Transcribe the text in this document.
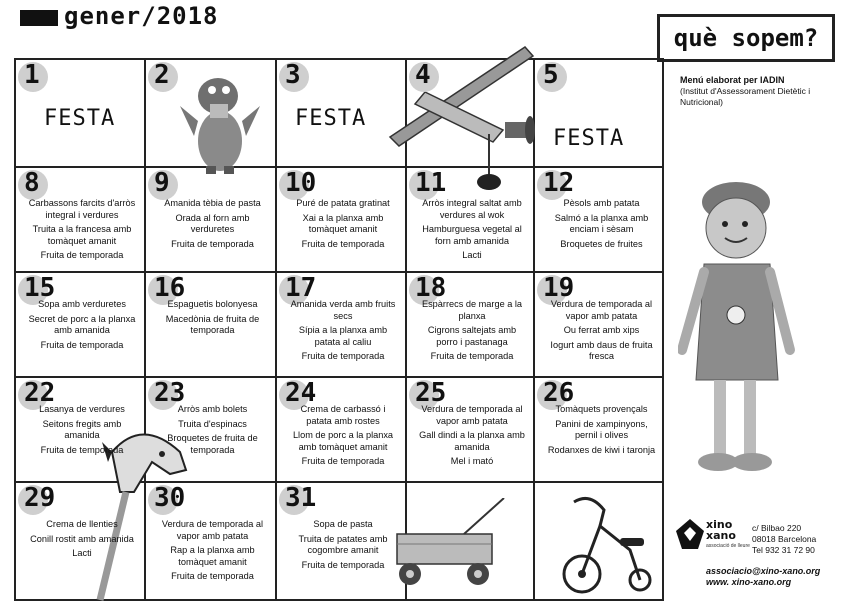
gener/2018
què sopem?
Menú elaborat per IADIN
(Institut d'Assessorament Dietètic i Nutricional)
xino
xano
associació de lleure
c/ Bilbao 220
08018 Barcelona
Tel 932 31 72 90
associacio@xino-xano.org
www. xino-xano.org
1
FESTA
2	3
FESTA
4	5
FESTA
8
Carbassons farcits d'arròs integral i verdures
Truita a la francesa amb tomàquet amanit
Fruita de temporada
9
Amanida tèbia de pasta
Orada al forn amb verduretes
Fruita de temporada
10
Puré de patata gratinat
Xai a la planxa amb tomàquet amanit
Fruita de temporada
11
Arròs integral saltat amb verdures al wok
Hamburguesa vegetal al forn amb amanida
Lacti
12
Pèsols amb patata
Salmó a la planxa amb enciam i sèsam
Broquetes de fruites
15
Sopa amb verduretes
Secret de porc a la planxa amb amanida
Fruita de temporada
16
Espaguetis bolonyesa
Macedònia de fruita de temporada
17
Amanida verda amb fruits secs
Sípia a la planxa amb patata al caliu
Fruita de temporada
18
Espàrrecs de marge a la planxa
Cigrons saltejats amb porro i pastanaga
Fruita de temporada
19
Verdura de temporada al vapor amb patata
Ou ferrat amb xips
Iogurt amb daus de fruita fresca
22
Lasanya de verdures
Seitons fregits amb amanida
Fruita de temporada
23
Arròs amb bolets
Truita d'espinacs
Broquetes de fruita de temporada
24
Crema de carbassó i patata amb rostes
Llom de porc a la planxa amb tomàquet amanit
Fruita de temporada
25
Verdura de temporada al vapor amb patata
Gall dindi a la planxa amb amanida
Mel i mató
26
Tomàquets provençals
Panini de xampinyons, pernil i olives
Rodanxes de kiwi i taronja
29
Crema de llenties
Conill rostit amb amanida
Lacti
30
Verdura de temporada al vapor amb patata
Rap a la planxa amb tomàquet amanit
Fruita de temporada
31
Sopa de pasta
Truita de patates amb cogombre amanit
Fruita de temporada
